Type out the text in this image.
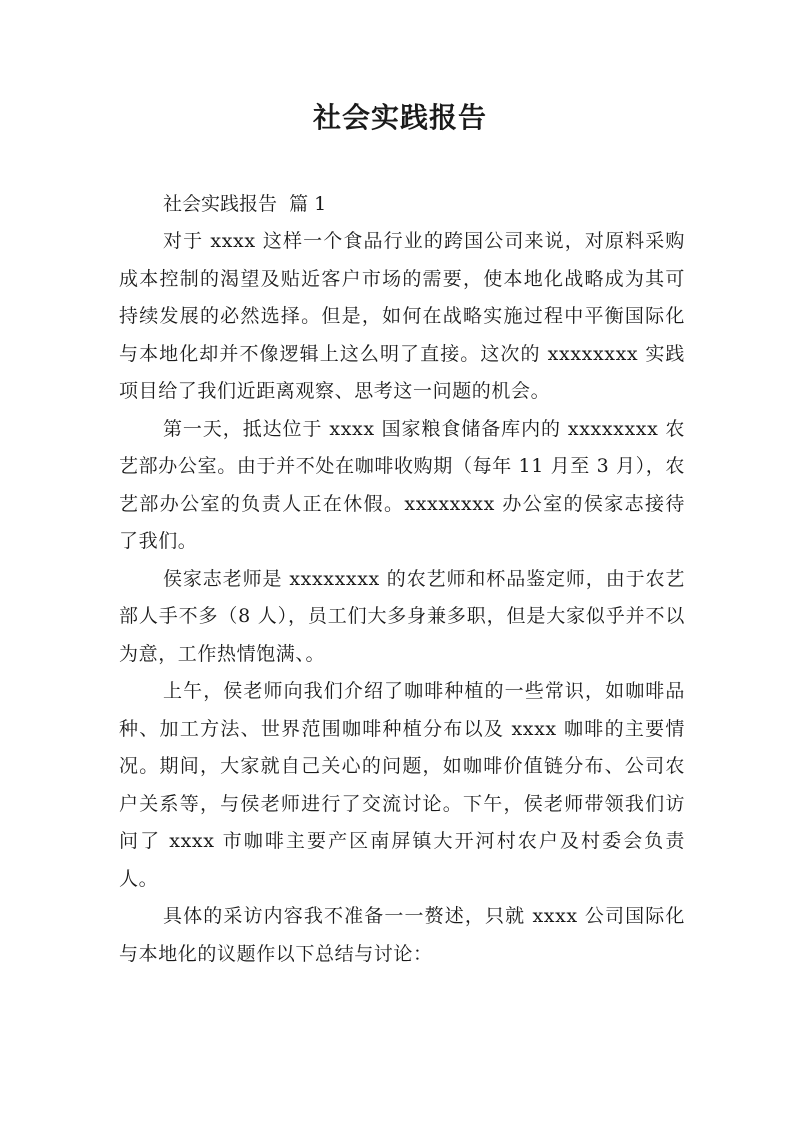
社会实践报告

社会实践报告  篇 1

对于 xxxx 这样一个食品行业的跨国公司来说，对原料采购成本控制的渴望及贴近客户市场的需要，使本地化战略成为其可持续发展的必然选择。但是，如何在战略实施过程中平衡国际化与本地化却并不像逻辑上这么明了直接。这次的 xxxxxxxx 实践项目给了我们近距离观察、思考这一问题的机会。

第一天，抵达位于 xxxx 国家粮食储备库内的 xxxxxxxx 农艺部办公室。由于并不处在咖啡收购期（每年 11 月至 3 月），农艺部办公室的负责人正在休假。xxxxxxxx 办公室的侯家志接待了我们。

侯家志老师是 xxxxxxxx 的农艺师和杯品鉴定师，由于农艺部人手不多（8 人），员工们大多身兼多职，但是大家似乎并不以为意，工作热情饱满、。

上午，侯老师向我们介绍了咖啡种植的一些常识，如咖啡品种、加工方法、世界范围咖啡种植分布以及 xxxx 咖啡的主要情况。期间，大家就自己关心的问题，如咖啡价值链分布、公司农户关系等，与侯老师进行了交流讨论。下午，侯老师带领我们访问了 xxxx 市咖啡主要产区南屏镇大开河村农户及村委会负责人。

具体的采访内容我不准备一一赘述，只就 xxxx 公司国际化与本地化的议题作以下总结与讨论：
